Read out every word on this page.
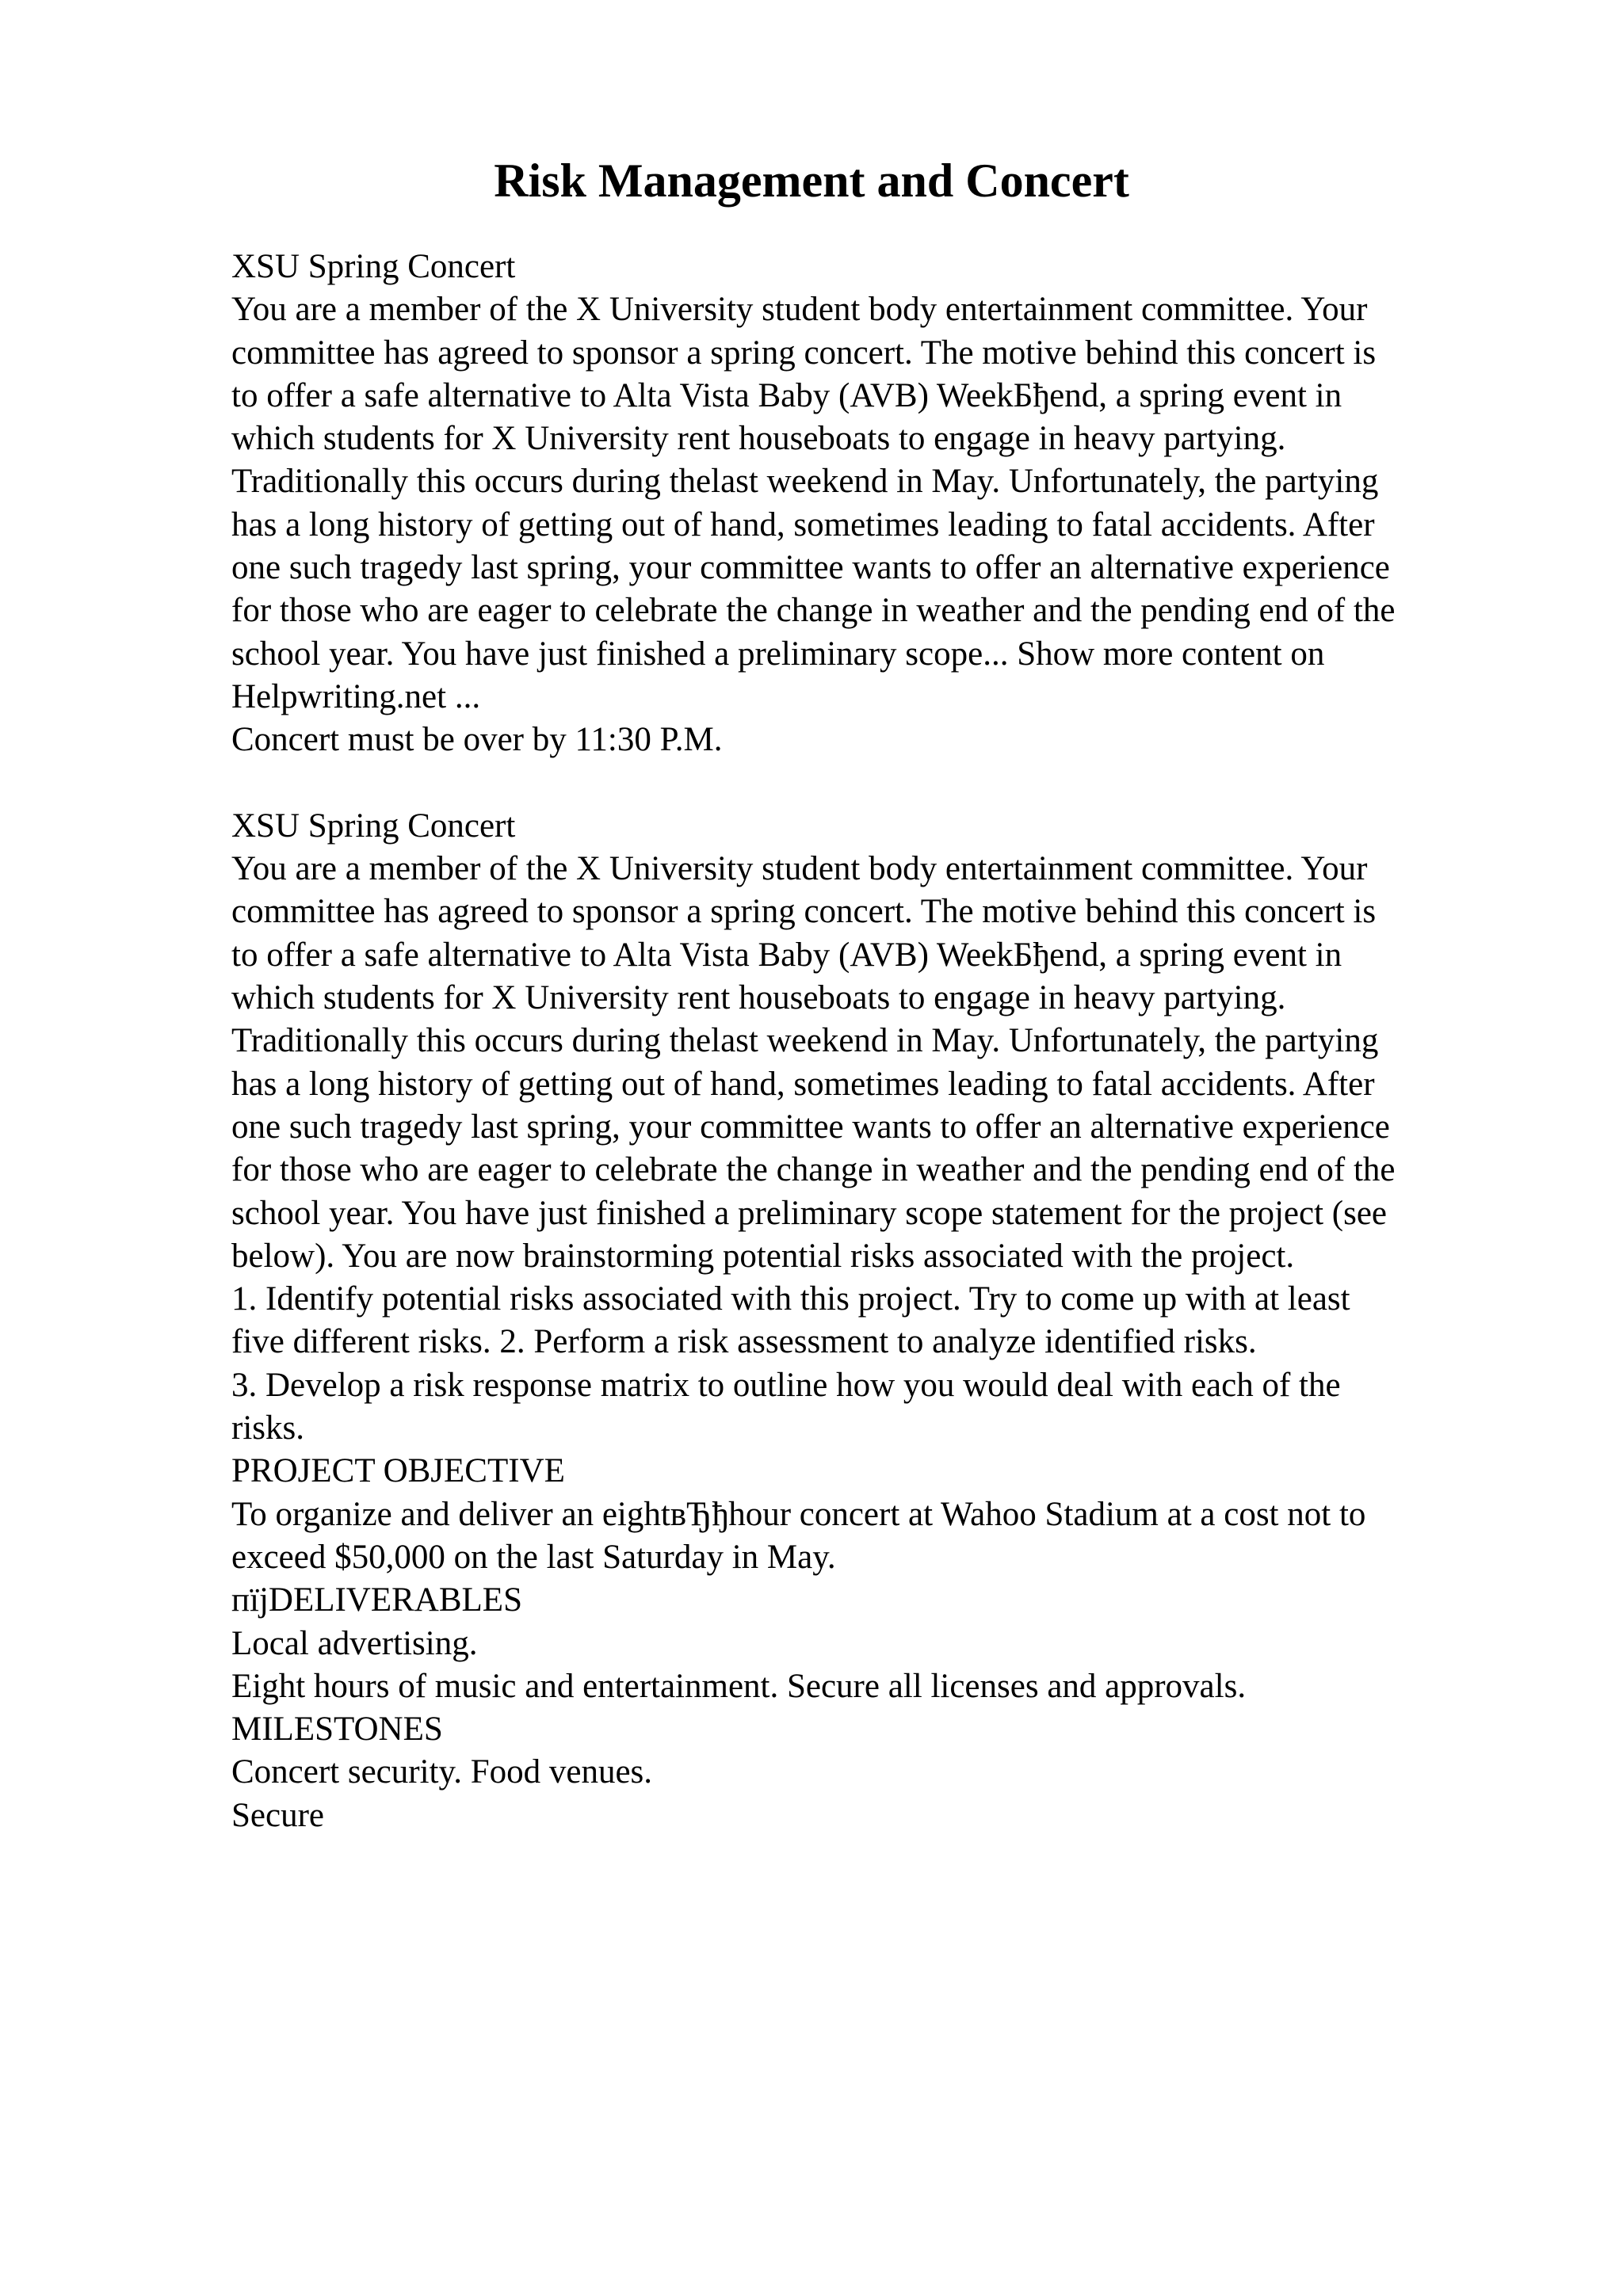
Risk Management and Concert
XSU Spring Concert
You are a member of the X University student body entertainment committee. Your
committee has agreed to sponsor a spring concert. The motive behind this concert is
to offer a safe alternative to Alta Vista Baby (AVB) WeekБђend, a spring event in
which students for X University rent houseboats to engage in heavy partying.
Traditionally this occurs during thelast weekend in May. Unfortunately, the partying
has a long history of getting out of hand, sometimes leading to fatal accidents. After
one such tragedy last spring, your committee wants to offer an alternative experience
for those who are eager to celebrate the change in weather and the pending end of the
school year. You have just finished a preliminary scope... Show more content on
Helpwriting.net ...
Concert must be over by 11:30 P.M.
XSU Spring Concert
You are a member of the X University student body entertainment committee. Your
committee has agreed to sponsor a spring concert. The motive behind this concert is
to offer a safe alternative to Alta Vista Baby (AVB) WeekБђend, a spring event in
which students for X University rent houseboats to engage in heavy partying.
Traditionally this occurs during thelast weekend in May. Unfortunately, the partying
has a long history of getting out of hand, sometimes leading to fatal accidents. After
one such tragedy last spring, your committee wants to offer an alternative experience
for those who are eager to celebrate the change in weather and the pending end of the
school year. You have just finished a preliminary scope statement for the project (see
below). You are now brainstorming potential risks associated with the project.
1. Identify potential risks associated with this project. Try to come up with at least
five different risks. 2. Perform a risk assessment to analyze identified risks.
3. Develop a risk response matrix to outline how you would deal with each of the
risks.
PROJECT OBJECTIVE
To organize and deliver an eightвЂђhour concert at Wahoo Stadium at a cost not to
exceed $50,000 on the last Saturday in May.
пїјDELIVERABLES
Local advertising.
Eight hours of music and entertainment. Secure all licenses and approvals.
MILESTONES
Concert security. Food venues.
Secure
